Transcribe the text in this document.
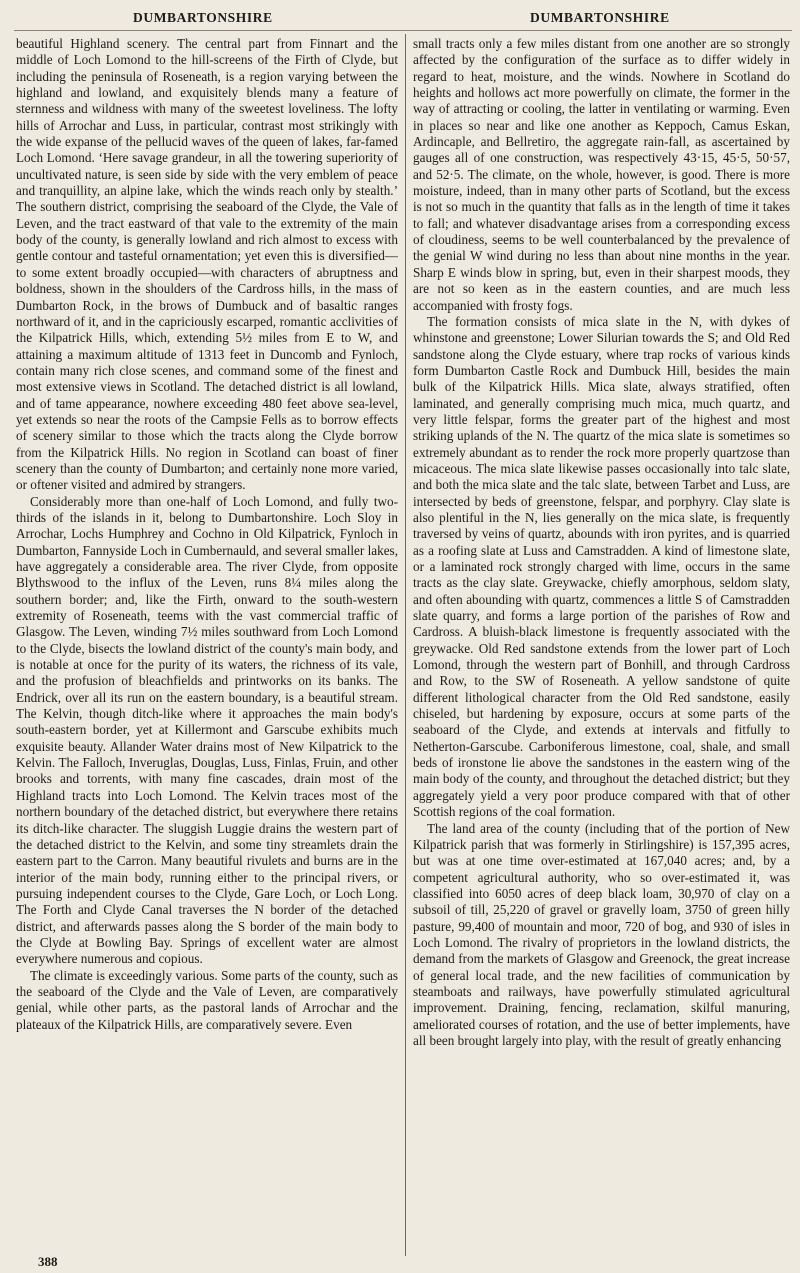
DUMBARTONSHIRE	DUMBARTONSHIRE

beautiful Highland scenery. The central part from Finnart and the middle of Loch Lomond to the hill-screens of the Firth of Clyde, but including the peninsula of Roseneath, is a region varying between the highland and lowland, and exquisitely blends many a feature of sternness and wildness with many of the sweetest loveliness. The lofty hills of Arrochar and Luss, in particular, contrast most strikingly with the wide expanse of the pellucid waves of the queen of lakes, far-famed Loch Lomond. ‘Here savage grandeur, in all the towering superiority of uncultivated nature, is seen side by side with the very emblem of peace and tranquillity, an alpine lake, which the winds reach only by stealth.’ The southern district, comprising the seaboard of the Clyde, the Vale of Leven, and the tract eastward of that vale to the extremity of the main body of the county, is generally lowland and rich almost to excess with gentle contour and tasteful ornamentation; yet even this is diversified—to some extent broadly occupied—with characters of abruptness and boldness, shown in the shoulders of the Cardross hills, in the mass of Dumbarton Rock, in the brows of Dumbuck and of basaltic ranges northward of it, and in the capriciously escarped, romantic acclivities of the Kilpatrick Hills, which, extending 5½ miles from E to W, and attaining a maximum altitude of 1313 feet in Duncomb and Fynloch, contain many rich close scenes, and command some of the finest and most extensive views in Scotland. The detached district is all lowland, and of tame appearance, nowhere exceeding 480 feet above sea-level, yet extends so near the roots of the Campsie Fells as to borrow effects of scenery similar to those which the tracts along the Clyde borrow from the Kilpatrick Hills. No region in Scotland can boast of finer scenery than the county of Dumbarton; and certainly none more varied, or oftener visited and admired by strangers.

Considerably more than one-half of Loch Lomond, and fully two-thirds of the islands in it, belong to Dumbartonshire. Loch Sloy in Arrochar, Lochs Humphrey and Cochno in Old Kilpatrick, Fynloch in Dumbarton, Fannyside Loch in Cumbernauld, and several smaller lakes, have aggregately a considerable area. The river Clyde, from opposite Blythswood to the influx of the Leven, runs 8¼ miles along the southern border; and, like the Firth, onward to the south-western extremity of Roseneath, teems with the vast commercial traffic of Glasgow. The Leven, winding 7½ miles southward from Loch Lomond to the Clyde, bisects the lowland district of the county's main body, and is notable at once for the purity of its waters, the richness of its vale, and the profusion of bleachfields and printworks on its banks. The Endrick, over all its run on the eastern boundary, is a beautiful stream. The Kelvin, though ditch-like where it approaches the main body's south-eastern border, yet at Killermont and Garscube exhibits much exquisite beauty. Allander Water drains most of New Kilpatrick to the Kelvin. The Falloch, Inveruglas, Douglas, Luss, Finlas, Fruin, and other brooks and torrents, with many fine cascades, drain most of the Highland tracts into Loch Lomond. The Kelvin traces most of the northern boundary of the detached district, but everywhere there retains its ditch-like character. The sluggish Luggie drains the western part of the detached district to the Kelvin, and some tiny streamlets drain the eastern part to the Carron. Many beautiful rivulets and burns are in the interior of the main body, running either to the principal rivers, or pursuing independent courses to the Clyde, Gare Loch, or Loch Long. The Forth and Clyde Canal traverses the N border of the detached district, and afterwards passes along the S border of the main body to the Clyde at Bowling Bay. Springs of excellent water are almost everywhere numerous and copious.

The climate is exceedingly various. Some parts of the county, such as the seaboard of the Clyde and the Vale of Leven, are comparatively genial, while other parts, as the pastoral lands of Arrochar and the plateaux of the Kilpatrick Hills, are comparatively severe. Even

small tracts only a few miles distant from one another are so strongly affected by the configuration of the surface as to differ widely in regard to heat, moisture, and the winds. Nowhere in Scotland do heights and hollows act more powerfully on climate, the former in the way of attracting or cooling, the latter in ventilating or warming. Even in places so near and like one another as Keppoch, Camus Eskan, Ardincaple, and Bellretiro, the aggregate rain-fall, as ascertained by gauges all of one construction, was respectively 43·15, 45·5, 50·57, and 52·5. The climate, on the whole, however, is good. There is more moisture, indeed, than in many other parts of Scotland, but the excess is not so much in the quantity that falls as in the length of time it takes to fall; and whatever disadvantage arises from a corresponding excess of cloudiness, seems to be well counterbalanced by the prevalence of the genial W wind during no less than about nine months in the year. Sharp E winds blow in spring, but, even in their sharpest moods, they are not so keen as in the eastern counties, and are much less accompanied with frosty fogs.

The formation consists of mica slate in the N, with dykes of whinstone and greenstone; Lower Silurian towards the S; and Old Red sandstone along the Clyde estuary, where trap rocks of various kinds form Dumbarton Castle Rock and Dumbuck Hill, besides the main bulk of the Kilpatrick Hills. Mica slate, always stratified, often laminated, and generally comprising much mica, much quartz, and very little felspar, forms the greater part of the highest and most striking uplands of the N. The quartz of the mica slate is sometimes so extremely abundant as to render the rock more properly quartzose than micaceous. The mica slate likewise passes occasionally into talc slate, and both the mica slate and the talc slate, between Tarbet and Luss, are intersected by beds of greenstone, felspar, and porphyry. Clay slate is also plentiful in the N, lies generally on the mica slate, is frequently traversed by veins of quartz, abounds with iron pyrites, and is quarried as a roofing slate at Luss and Camstradden. A kind of limestone slate, or a laminated rock strongly charged with lime, occurs in the same tracts as the clay slate. Greywacke, chiefly amorphous, seldom slaty, and often abounding with quartz, commences a little S of Camstradden slate quarry, and forms a large portion of the parishes of Row and Cardross. A bluish-black limestone is frequently associated with the greywacke. Old Red sandstone extends from the lower part of Loch Lomond, through the western part of Bonhill, and through Cardross and Row, to the SW of Roseneath. A yellow sandstone of quite different lithological character from the Old Red sandstone, easily chiseled, but hardening by exposure, occurs at some parts of the seaboard of the Clyde, and extends at intervals and fitfully to Netherton-Garscube. Carboniferous limestone, coal, shale, and small beds of ironstone lie above the sandstones in the eastern wing of the main body of the county, and throughout the detached district; but they aggregately yield a very poor produce compared with that of other Scottish regions of the coal formation.

The land area of the county (including that of the portion of New Kilpatrick parish that was formerly in Stirlingshire) is 157,395 acres, but was at one time over-estimated at 167,040 acres; and, by a competent agricultural authority, who so over-estimated it, was classified into 6050 acres of deep black loam, 30,970 of clay on a subsoil of till, 25,220 of gravel or gravelly loam, 3750 of green hilly pasture, 99,400 of mountain and moor, 720 of bog, and 930 of isles in Loch Lomond. The rivalry of proprietors in the lowland districts, the demand from the markets of Glasgow and Greenock, the great increase of general local trade, and the new facilities of communication by steamboats and railways, have powerfully stimulated agricultural improvement. Draining, fencing, reclamation, skilful manuring, ameliorated courses of rotation, and the use of better implements, have all been brought largely into play, with the result of greatly enhancing

388
